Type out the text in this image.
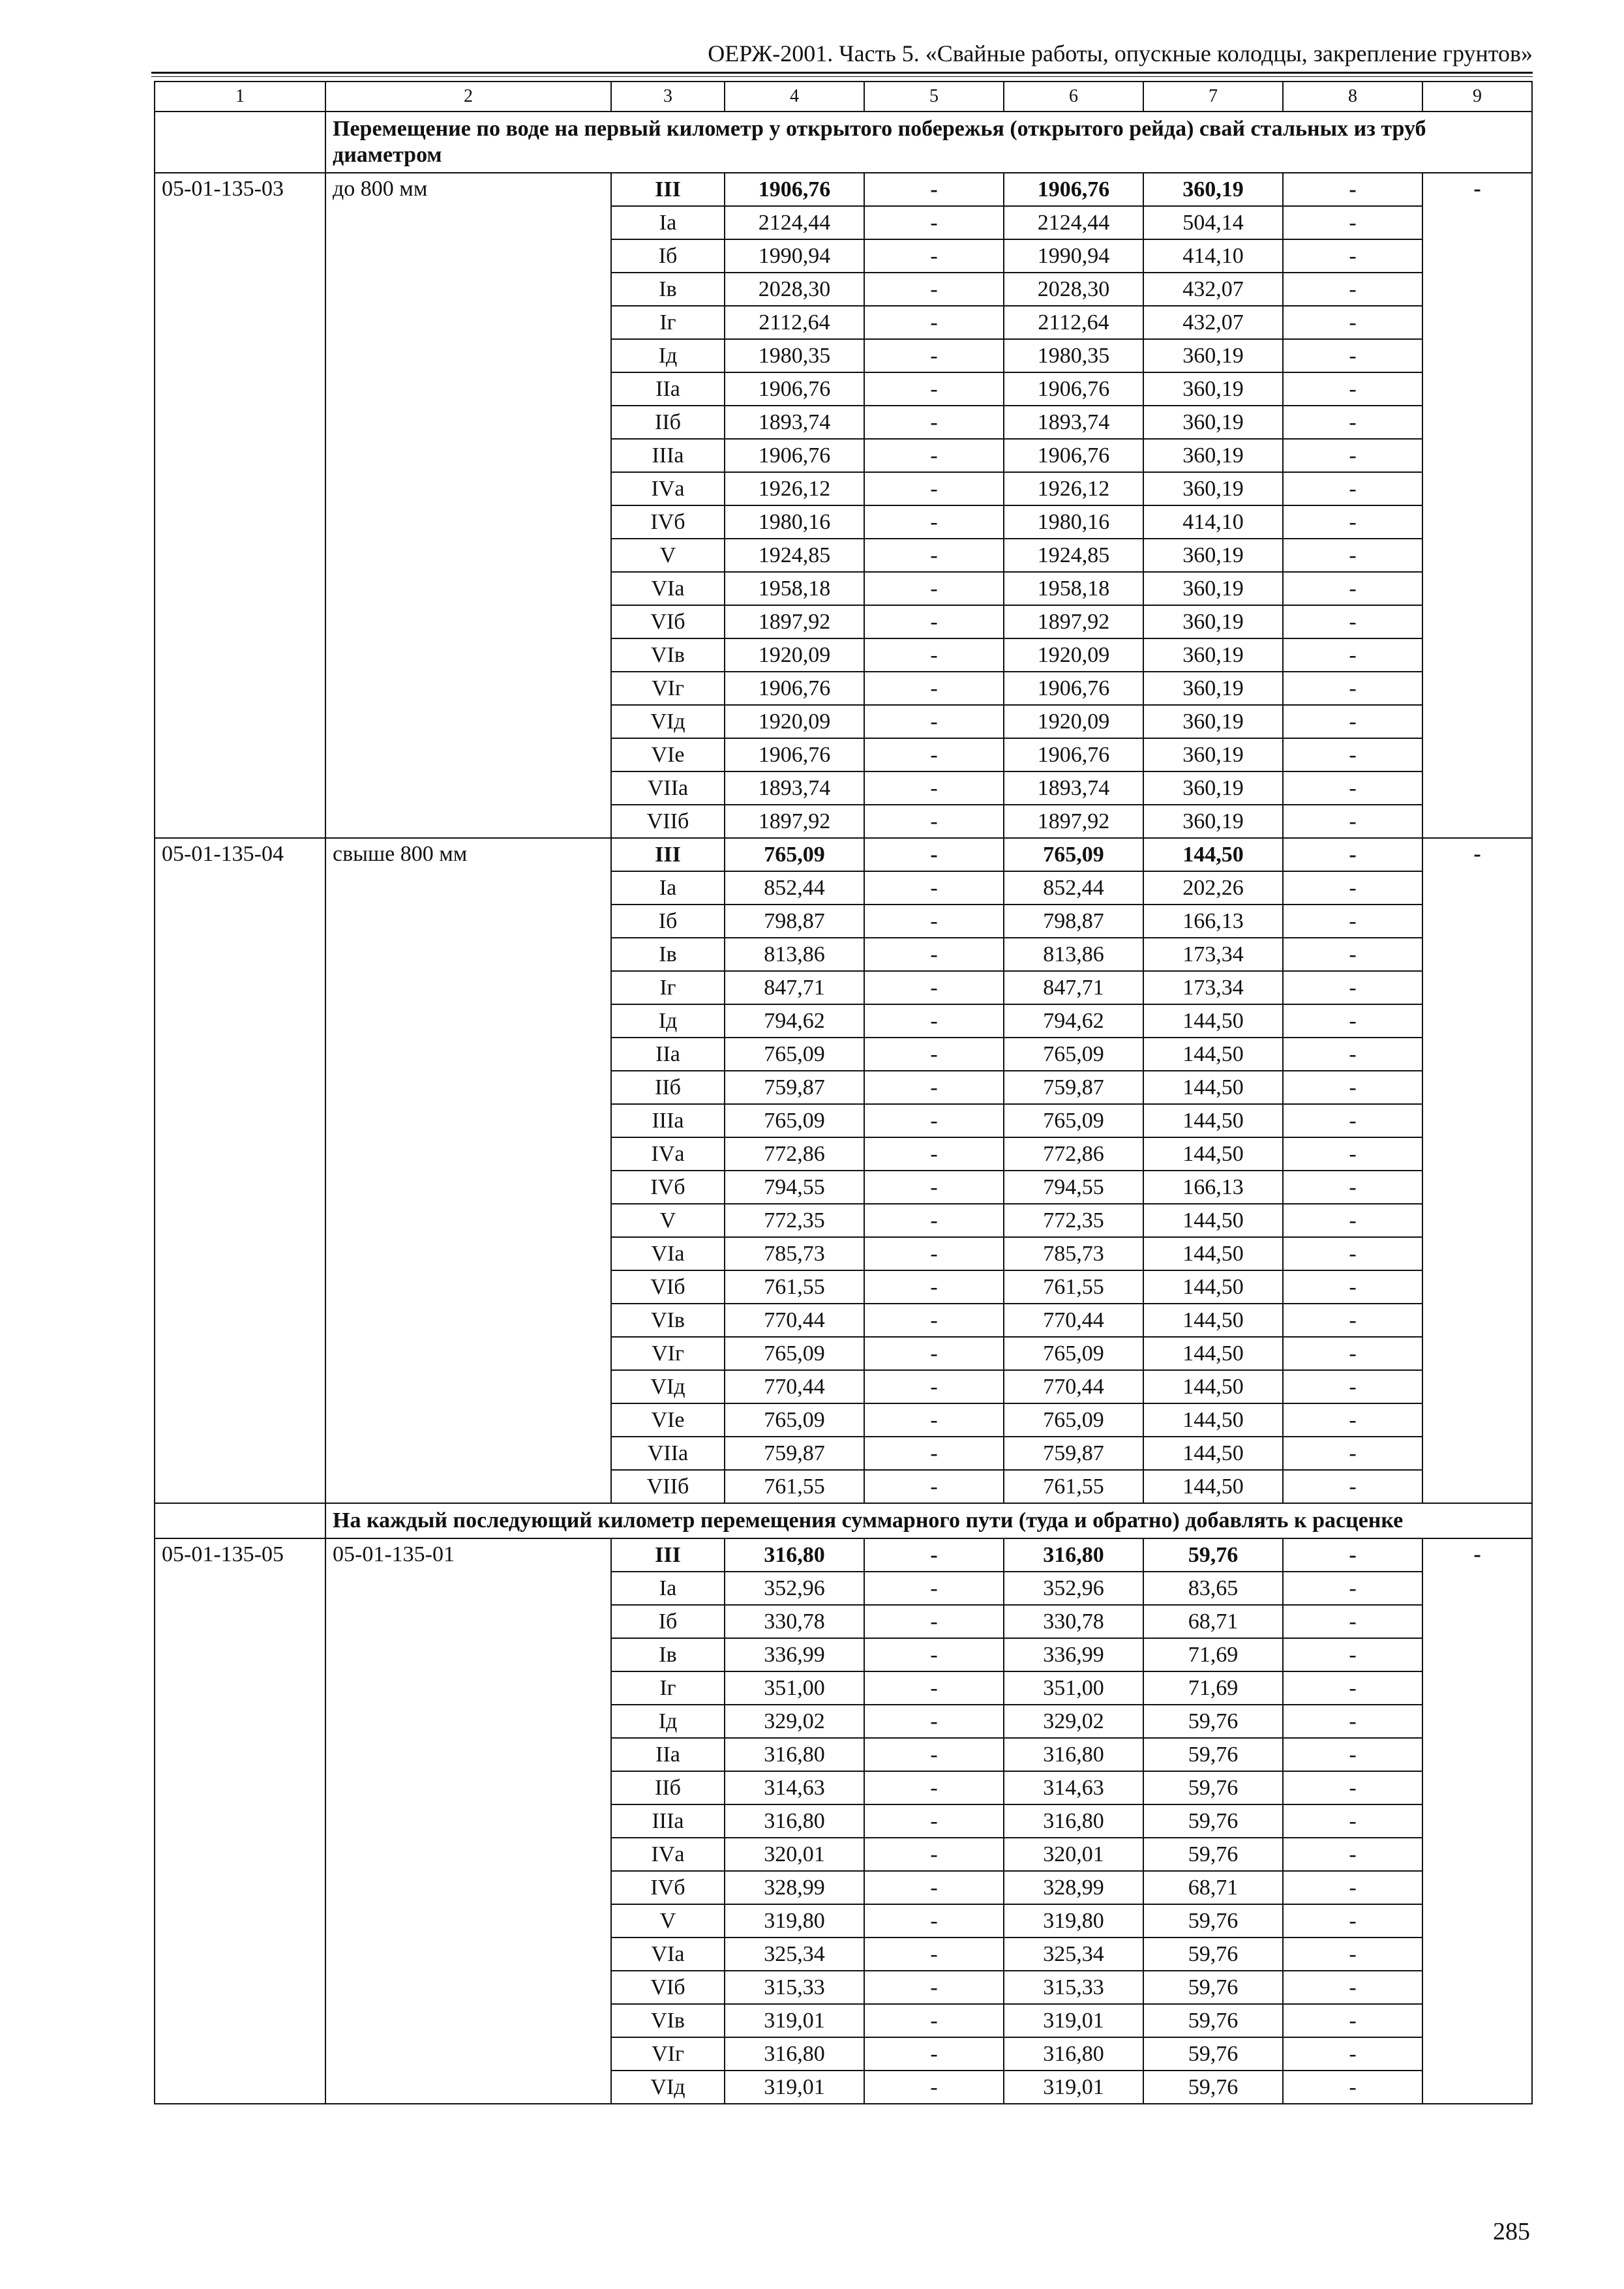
ОЕРЖ-2001. Часть 5. «Свайные работы, опускные колодцы, закрепление грунтов»
1	2	3	4	5	6	7	8	9
	Перемещение по воде на первый километр у открытого побережья (открытого рейда) свай стальных из труб диаметром							
05-01-135-03	до 800 мм	III	1906,76	-	1906,76	360,19	-	-
		Iа	2124,44	-	2124,44	504,14	-	
		Iб	1990,94	-	1990,94	414,10	-	
		Iв	2028,30	-	2028,30	432,07	-	
		Iг	2112,64	-	2112,64	432,07	-	
		Iд	1980,35	-	1980,35	360,19	-	
		IIа	1906,76	-	1906,76	360,19	-	
		IIб	1893,74	-	1893,74	360,19	-	
		IIIа	1906,76	-	1906,76	360,19	-	
		IVа	1926,12	-	1926,12	360,19	-	
		IVб	1980,16	-	1980,16	414,10	-	
		V	1924,85	-	1924,85	360,19	-	
		VIа	1958,18	-	1958,18	360,19	-	
		VIб	1897,92	-	1897,92	360,19	-	
		VIв	1920,09	-	1920,09	360,19	-	
		VIг	1906,76	-	1906,76	360,19	-	
		VIд	1920,09	-	1920,09	360,19	-	
		VIе	1906,76	-	1906,76	360,19	-	
		VIIа	1893,74	-	1893,74	360,19	-	
		VIIб	1897,92	-	1897,92	360,19	-	
05-01-135-04	свыше 800 мм	III	765,09	-	765,09	144,50	-	-
		Iа	852,44	-	852,44	202,26	-	
		Iб	798,87	-	798,87	166,13	-	
		Iв	813,86	-	813,86	173,34	-	
		Iг	847,71	-	847,71	173,34	-	
		Iд	794,62	-	794,62	144,50	-	
		IIа	765,09	-	765,09	144,50	-	
		IIб	759,87	-	759,87	144,50	-	
		IIIа	765,09	-	765,09	144,50	-	
		IVа	772,86	-	772,86	144,50	-	
		IVб	794,55	-	794,55	166,13	-	
		V	772,35	-	772,35	144,50	-	
		VIа	785,73	-	785,73	144,50	-	
		VIб	761,55	-	761,55	144,50	-	
		VIв	770,44	-	770,44	144,50	-	
		VIг	765,09	-	765,09	144,50	-	
		VIд	770,44	-	770,44	144,50	-	
		VIе	765,09	-	765,09	144,50	-	
		VIIа	759,87	-	759,87	144,50	-	
		VIIб	761,55	-	761,55	144,50	-	
	На каждый последующий километр перемещения суммарного пути (туда и обратно) добавлять к расценке							
05-01-135-05	05-01-135-01	III	316,80	-	316,80	59,76	-	-
		Iа	352,96	-	352,96	83,65	-	
		Iб	330,78	-	330,78	68,71	-	
		Iв	336,99	-	336,99	71,69	-	
		Iг	351,00	-	351,00	71,69	-	
		Iд	329,02	-	329,02	59,76	-	
		IIа	316,80	-	316,80	59,76	-	
		IIб	314,63	-	314,63	59,76	-	
		IIIа	316,80	-	316,80	59,76	-	
		IVа	320,01	-	320,01	59,76	-	
		IVб	328,99	-	328,99	68,71	-	
		V	319,80	-	319,80	59,76	-	
		VIа	325,34	-	325,34	59,76	-	
		VIб	315,33	-	315,33	59,76	-	
		VIв	319,01	-	319,01	59,76	-	
		VIг	316,80	-	316,80	59,76	-	
		VIд	319,01	-	319,01	59,76	-	
285
